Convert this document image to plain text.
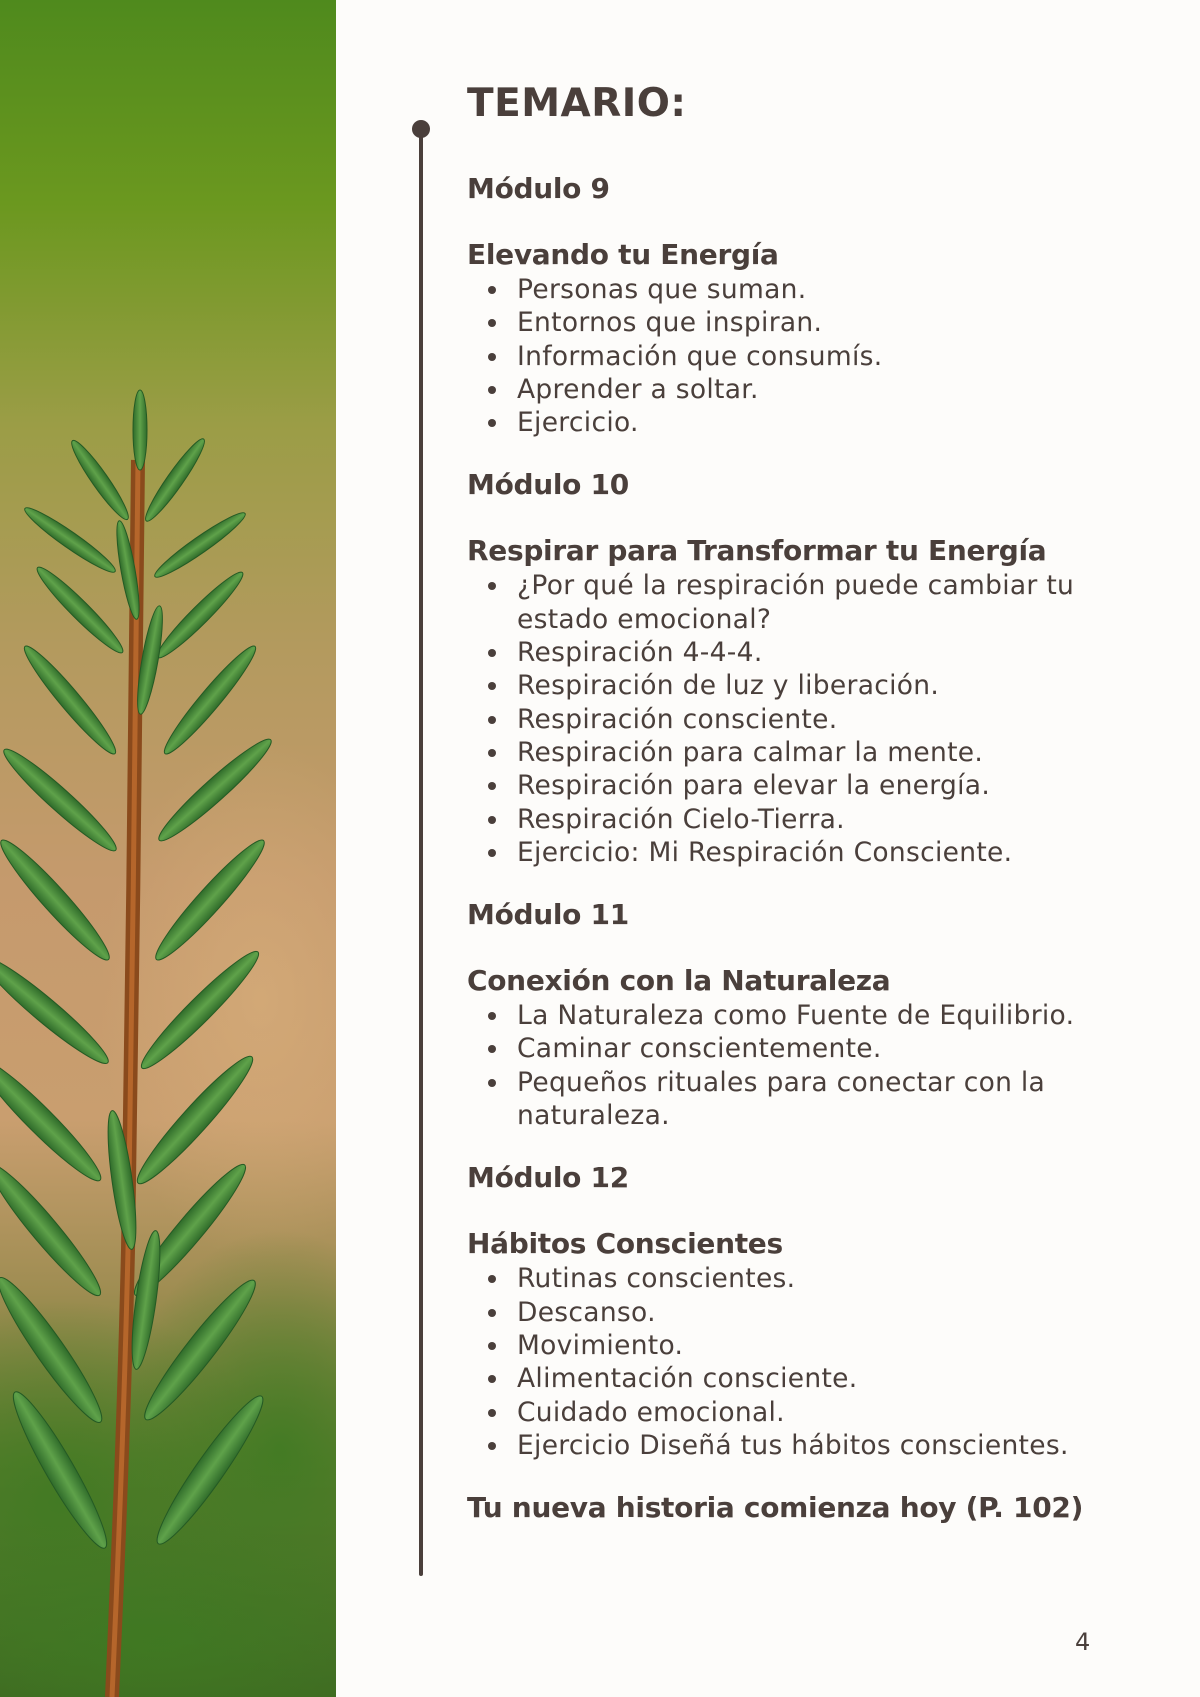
TEMARIO:
Módulo 9
Elevando tu Energía
Personas que suman.
Entornos que inspiran.
Información que consumís.
Aprender a soltar.
Ejercicio.
Módulo 10
Respirar para Transformar tu Energía
¿Por qué la respiración puede cambiar tu estado emocional?
Respiración 4-4-4.
Respiración de luz y liberación.
Respiración consciente.
Respiración para calmar la mente.
Respiración para elevar la energía.
Respiración Cielo-Tierra.
Ejercicio: Mi Respiración Consciente.
Módulo 11
Conexión con la Naturaleza
La Naturaleza como Fuente de Equilibrio.
Caminar conscientemente.
Pequeños rituales para conectar con la naturaleza.
Módulo 12
Hábitos Conscientes
Rutinas conscientes.
Descanso.
Movimiento.
Alimentación consciente.
Cuidado emocional.
Ejercicio Diseñá tus hábitos conscientes.
Tu nueva historia comienza hoy (P. 102)
4
